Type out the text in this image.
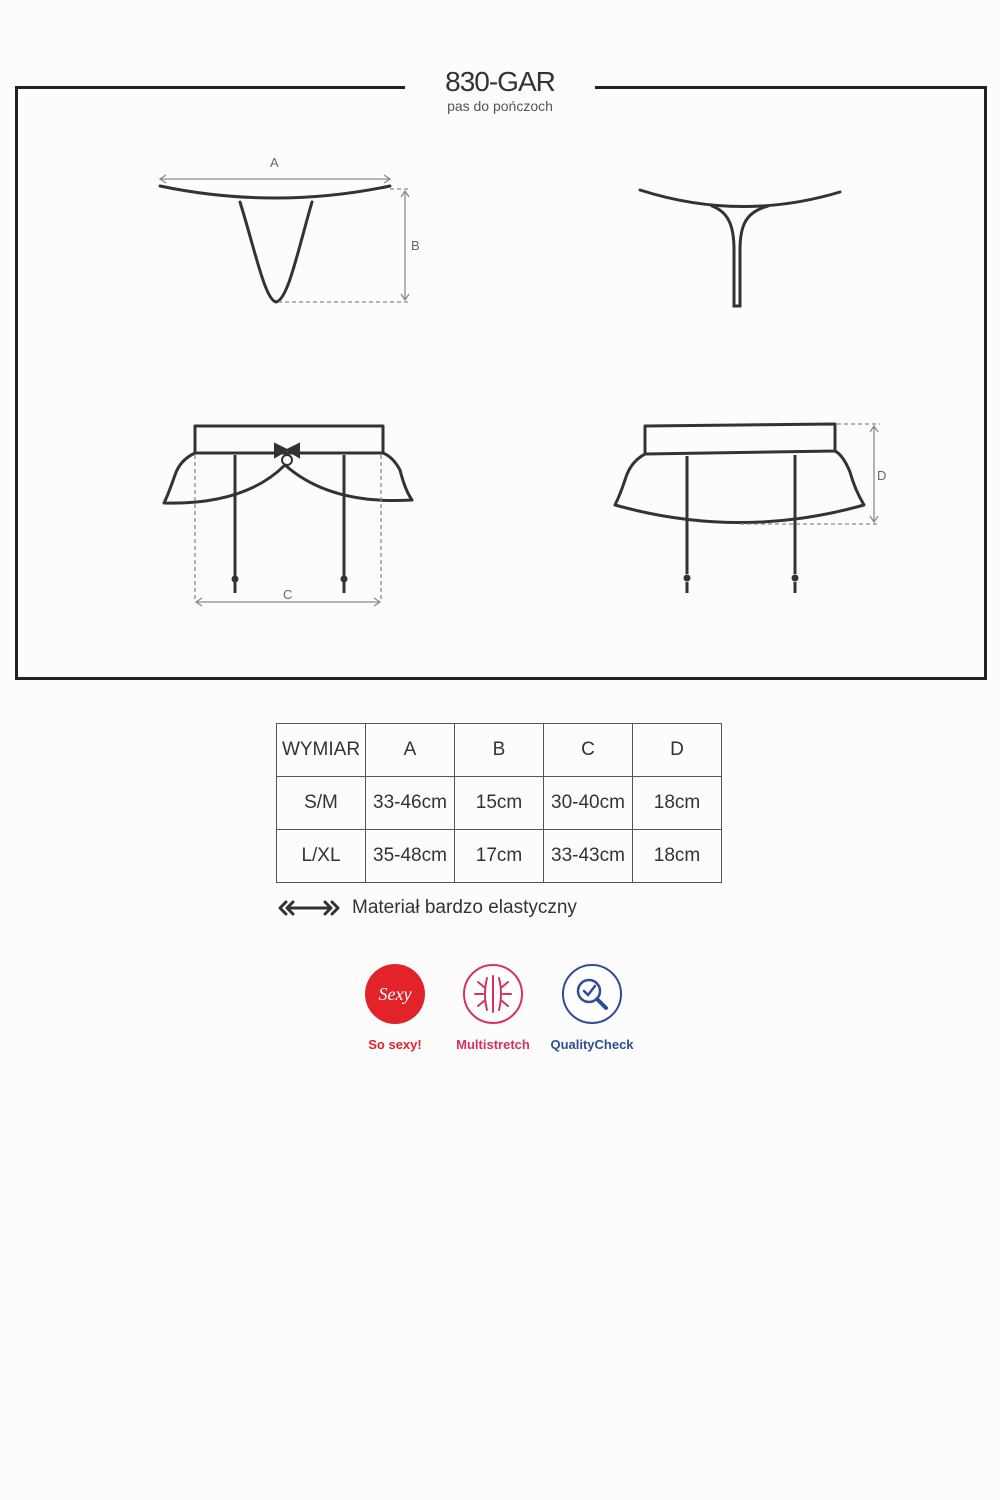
A
B
C
D
830-GAR
pas do pończoch
WYMIAR	A	B	C	D
S/M	33-46cm	15cm	30-40cm	18cm
L/XL	35-48cm	17cm	33-43cm	18cm
Materiał bardzo elastyczny
Sexy
So sexy!	Multistretch	QualityCheck
